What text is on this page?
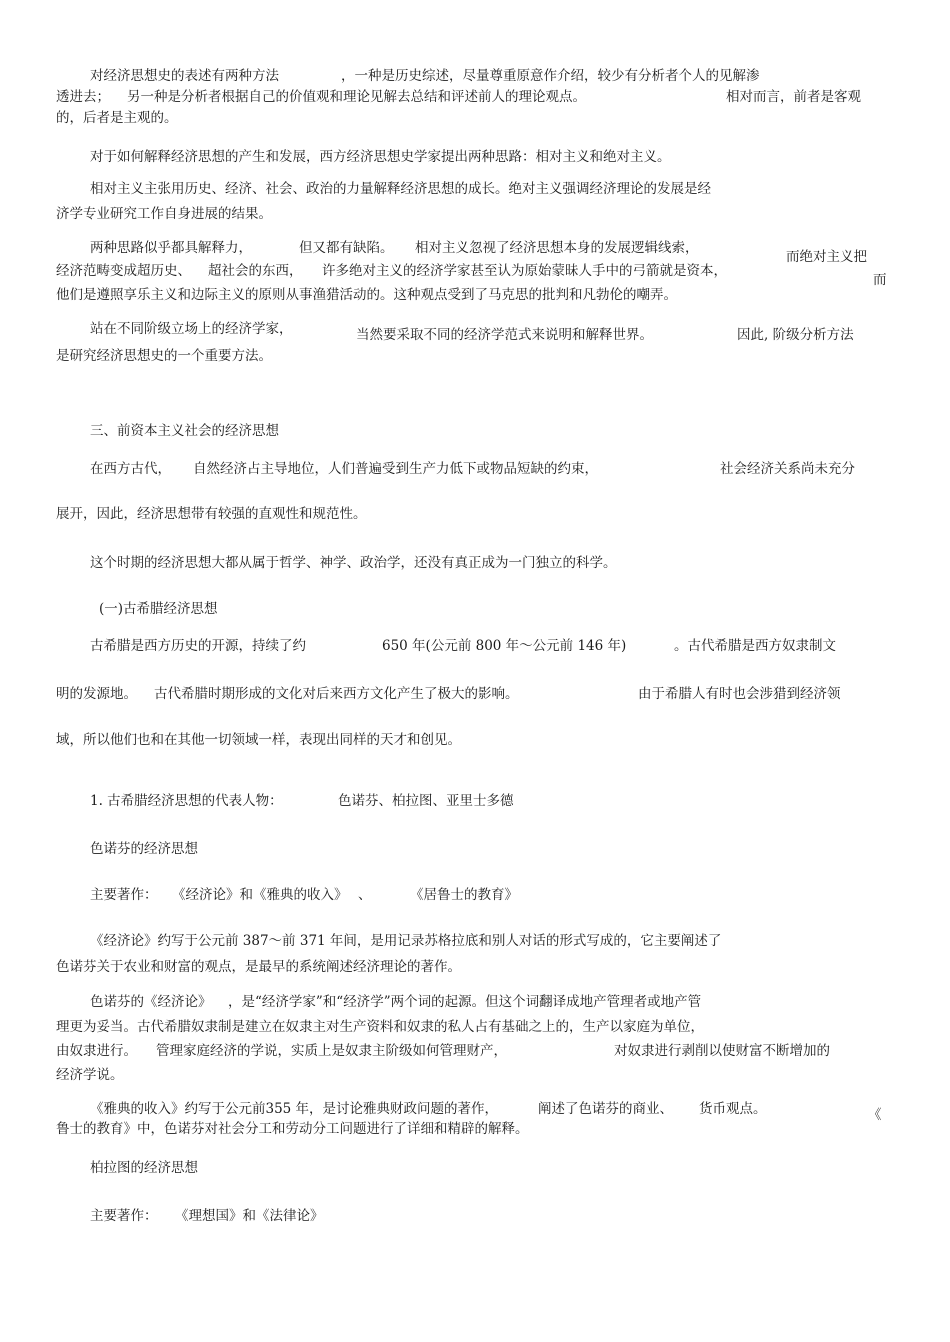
对经济思想史的表述有两种方法	，一种是历史综述，尽量尊重原意作介绍，较少有分析者个人的见解渗

透进去； 另一种是分析者根据自己的价值观和理论见解去总结和评述前人的理论观点。	相对而言，前者是客观

的，后者是主观的。

对于如何解释经济思想的产生和发展，西方经济思想史学家提出两种思路：相对主义和绝对主义。

相对主义主张用历史、经济、社会、政治的力量解释经济思想的成长。绝对主义强调经济理论的发展是经

济学专业研究工作自身进展的结果。

两种思路似乎都具解释力，	但又都有缺陷。 相对主义忽视了经济思想本身的发展逻辑线索，

而绝对主义把

经济范畴变成超历史、 超社会的东西， 许多绝对主义的经济学家甚至认为原始蒙昧人手中的弓箭就是资本，

而

他们是遵照享乐主义和边际主义的原则从事渔猎活动的。这种观点受到了马克思的批判和凡勃伦的嘲弄。

站在不同阶级立场上的经济学家，	当然要采取不同的经济学范式来说明和解释世界。	因此, 阶级分析方法

是研究经济思想史的一个重要方法。

三、前资本主义社会的经济思想

在西方古代， 自然经济占主导地位，人们普遍受到生产力低下或物品短缺的约束，	社会经济关系尚未充分

展开，因此，经济思想带有较强的直观性和规范性。

这个时期的经济思想大都从属于哲学、神学、政治学，还没有真正成为一门独立的科学。

(一)古希腊经济思想

古希腊是西方历史的开源，持续了约	650 年(公元前 800 年～公元前 146 年)	。古代希腊是西方奴隶制文

明的发源地。 古代希腊时期形成的文化对后来西方文化产生了极大的影响。	由于希腊人有时也会涉猎到经济领

域，所以他们也和在其他一切领域一样，表现出同样的天才和创见。

1. 古希腊经济思想的代表人物：	色诺芬、柏拉图、亚里士多德

色诺芬的经济思想

主要著作： 《经济论》和《雅典的收入》 、	《居鲁士的教育》

《经济论》约写于公元前 387～前 371 年间，是用记录苏格拉底和别人对话的形式写成的，它主要阐述了

色诺芬关于农业和财富的观点，是最早的系统阐述经济理论的著作。

色诺芬的《经济论》 ，是“经济学家”和“经济学”两个词的起源。但这个词翻译成地产管理者或地产管

理更为妥当。古代希腊奴隶制是建立在奴隶主对生产资料和奴隶的私人占有基础之上的，生产以家庭为单位，

由奴隶进行。 管理家庭经济的学说，实质上是奴隶主阶级如何管理财产，	对奴隶进行剥削以使财富不断增加的

经济学说。

《雅典的收入》约写于公元前355 年，是讨论雅典财政问题的著作，	阐述了色诺芬的商业、 货币观点。	《

鲁士的教育》中，色诺芬对社会分工和劳动分工问题进行了详细和精辟的解释。

柏拉图的经济思想

主要著作： 《理想国》和《法律论》
